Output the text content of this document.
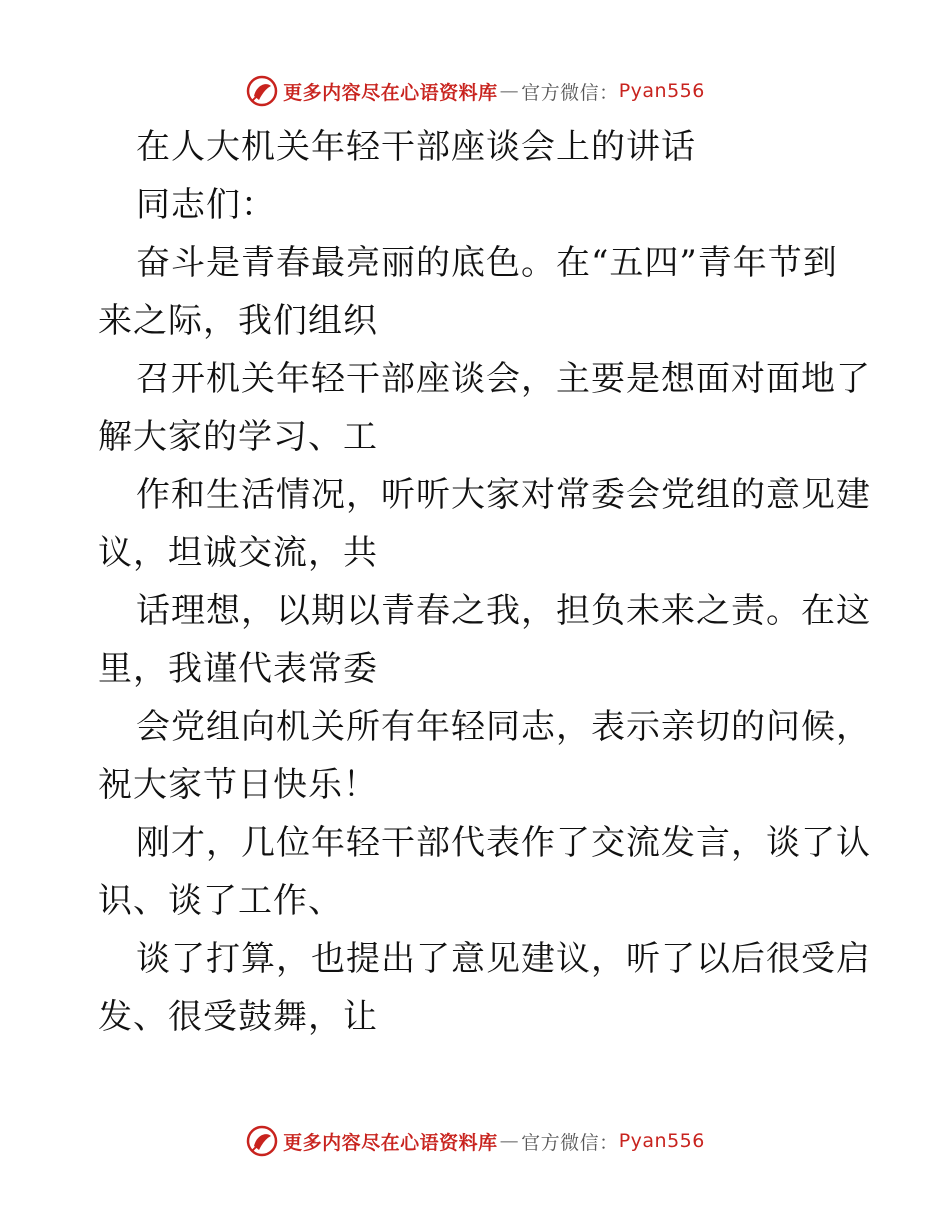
更多内容尽在心语资料库 — 官方微信： Pyan556
在人大机关年轻干部座谈会上的讲话
同志们：
奋斗是青春最亮丽的底色。在“五四”青年节到
来之际，我们组织
召开机关年轻干部座谈会，主要是想面对面地了
解大家的学习、工
作和生活情况，听听大家对常委会党组的意见建
议，坦诚交流，共
话理想，以期以青春之我，担负未来之责。在这
里，我谨代表常委
会党组向机关所有年轻同志，表示亲切的问候，
祝大家节日快乐！
刚才，几位年轻干部代表作了交流发言，谈了认
识、谈了工作、
谈了打算，也提出了意见建议，听了以后很受启
发、很受鼓舞，让
更多内容尽在心语资料库 — 官方微信： Pyan556
